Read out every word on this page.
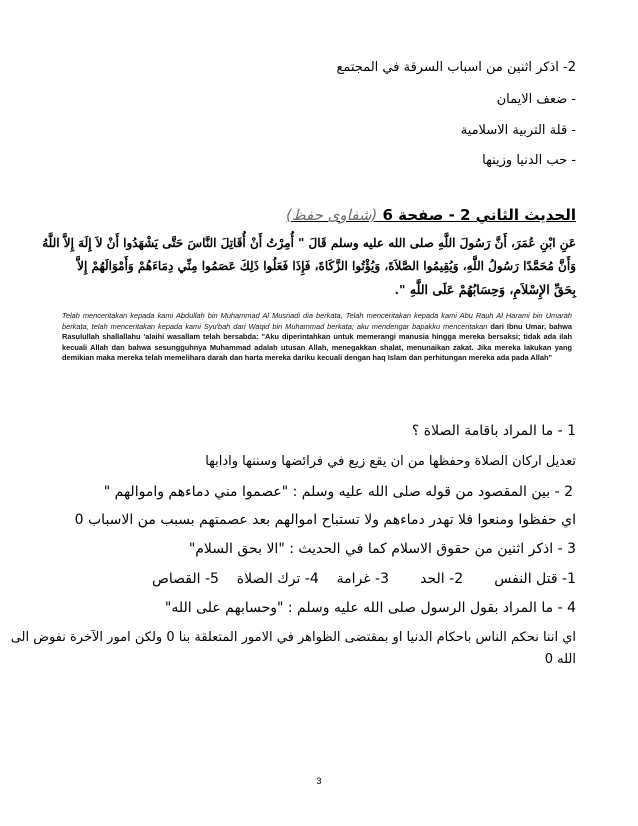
2- اذكر اثنين من اسباب السرقة في المجتمع

- ضعف الايمان

- قلة التربية الاسلامية

- حب الدنيا وزينها

الحديث الثاني 2 - صفحة 6 (شفاوى حفظ)

عَنِ ابْنِ عُمَرَ، أَنَّ رَسُولَ اللَّهِ صلى الله عليه وسلم قَالَ " أُمِرْتُ أَنْ أُقَاتِلَ النَّاسَ حَتَّى يَشْهَدُوا أَنْ لاَ إِلَهَ إِلاَّ اللَّهُ

وَأَنَّ مُحَمَّدًا رَسُولُ اللَّهِ، وَيُقِيمُوا الصَّلاَةَ، وَيُؤْتُوا الزَّكَاةَ، فَإِذَا فَعَلُوا ذَلِكَ عَصَمُوا مِنِّي دِمَاءَهُمْ وَأَمْوَالَهُمْ إِلاَّ

بِحَقِّ الإِسْلاَمِ، وَحِسَابُهُمْ عَلَى اللَّهِ ".

Telah menceritakan kepada kami Abdullah bin Muhammad Al Musnadi dia berkata, Telah menceritakan kepada kami Abu Rauh Al Harami bin Umarah berkata, telah menceritakan kepada kami Syu'bah dari Waqid bin Muhammad berkata; aku mendengar bapakku menceritakan dari Ibnu Umar, bahwa Rasulullah shallallahu 'alaihi wasallam telah bersabda: "Aku diperintahkan untuk memerangi manusia hingga mereka bersaksi; tidak ada ilah kecuali Allah dan bahwa sesungguhnya Muhammad adalah utusan Allah, menegakkan shalat, menunaikan zakat. Jika mereka lakukan yang demikian maka mereka telah memelihara darah dan harta mereka dariku kecuali dengan haq Islam dan perhitungan mereka ada pada Allah"

1 - ما المراد باقامة الصلاة ؟

تعديل اركان الصلاة وحفظها من ان يقع زيع في فرائضها وسننها وادابها

2 - بين المقصود من قوله صلى الله عليه وسلم : "عصموا مني دماءهم واموالهم "

اي حفظوا ومنعوا فلا تهدر دماءهم ولا تستباح اموالهم بعد عصمتهم بسبب من الاسباب 0

3 - اذكر اثنين من حقوق الاسلام كما في الحديث : "الا بحق السلام"

1- قتل النفس       2- الحد       3- غرامة    4- ترك الصلاة    5- القصاص

4 - ما المراد بقول الرسول صلى الله عليه وسلم : "وحسابهم على الله"

اي اننا نحكم الناس باحكام الدنيا او بمقتضى الظواهر في الامور المتعلقة بنا 0 ولكن امور الآخرة نفوض الى

الله 0

3
